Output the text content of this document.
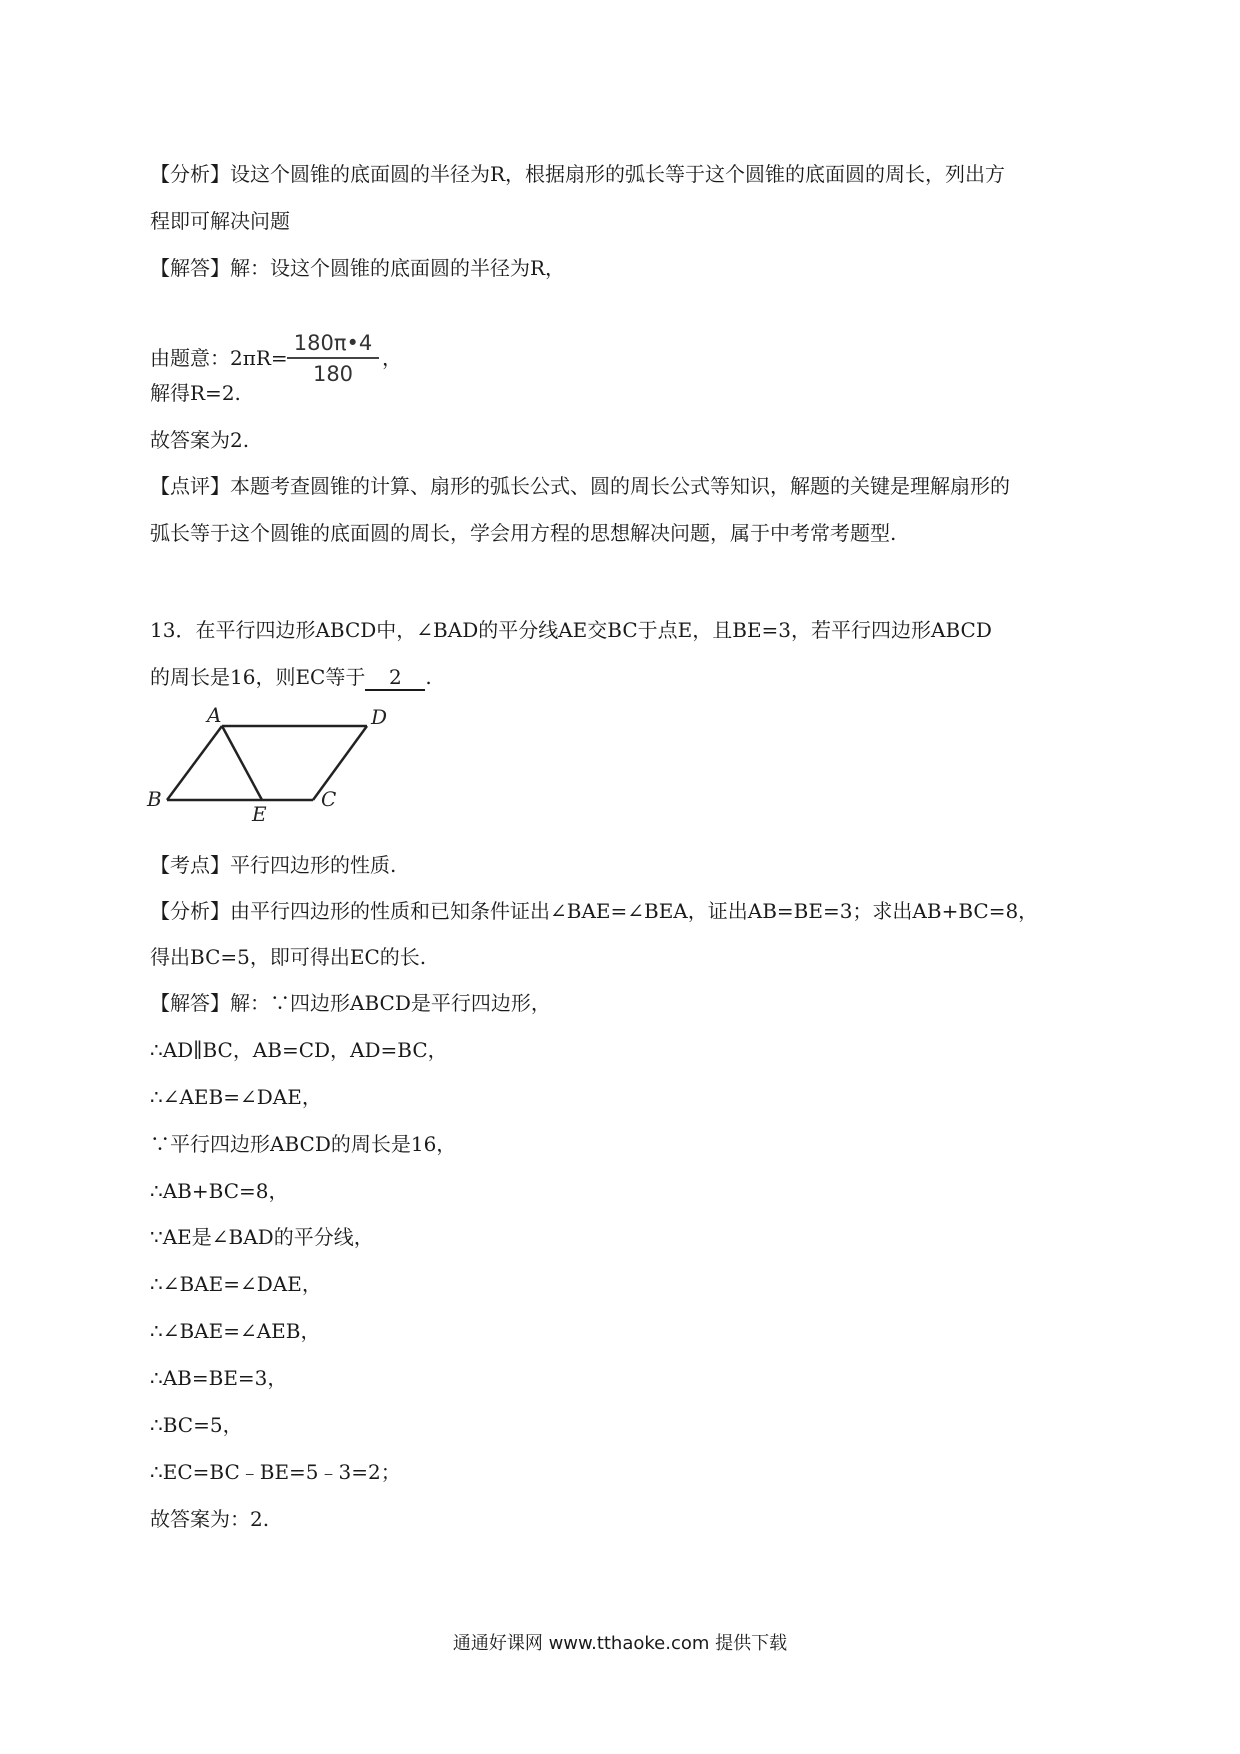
【分析】设这个圆锥的底面圆的半径为R，根据扇形的弧长等于这个圆锥的底面圆的周长，列出方
程即可解决问题
【解答】解：设这个圆锥的底面圆的半径为R，
由题意：2πR=
180π•4
180
，
解得R=2.
故答案为2.
【点评】本题考查圆锥的计算、扇形的弧长公式、圆的周长公式等知识，解题的关键是理解扇形的
弧长等于这个圆锥的底面圆的周长，学会用方程的思想解决问题，属于中考常考题型.
13．在平行四边形ABCD中，∠BAD的平分线AE交BC于点E，且BE=3，若平行四边形ABCD
的周长是16，则EC等于 2 .
A	D
B
E
C
【考点】平行四边形的性质.
【分析】由平行四边形的性质和已知条件证出∠BAE=∠BEA，证出AB=BE=3；求出AB+BC=8，
得出BC=5，即可得出EC的长.
【解答】解：∵四边形ABCD是平行四边形，
∴AD∥BC，AB=CD，AD=BC，
∴∠AEB=∠DAE，
∵平行四边形ABCD的周长是16，
∴AB+BC=8，
∵AE是∠BAD的平分线，
∴∠BAE=∠DAE，
∴∠BAE=∠AEB，
∴AB=BE=3，
∴BC=5，
∴EC=BC﹣BE=5﹣3=2；
故答案为：2.
通通好课网 www.tthaoke.com 提供下载
